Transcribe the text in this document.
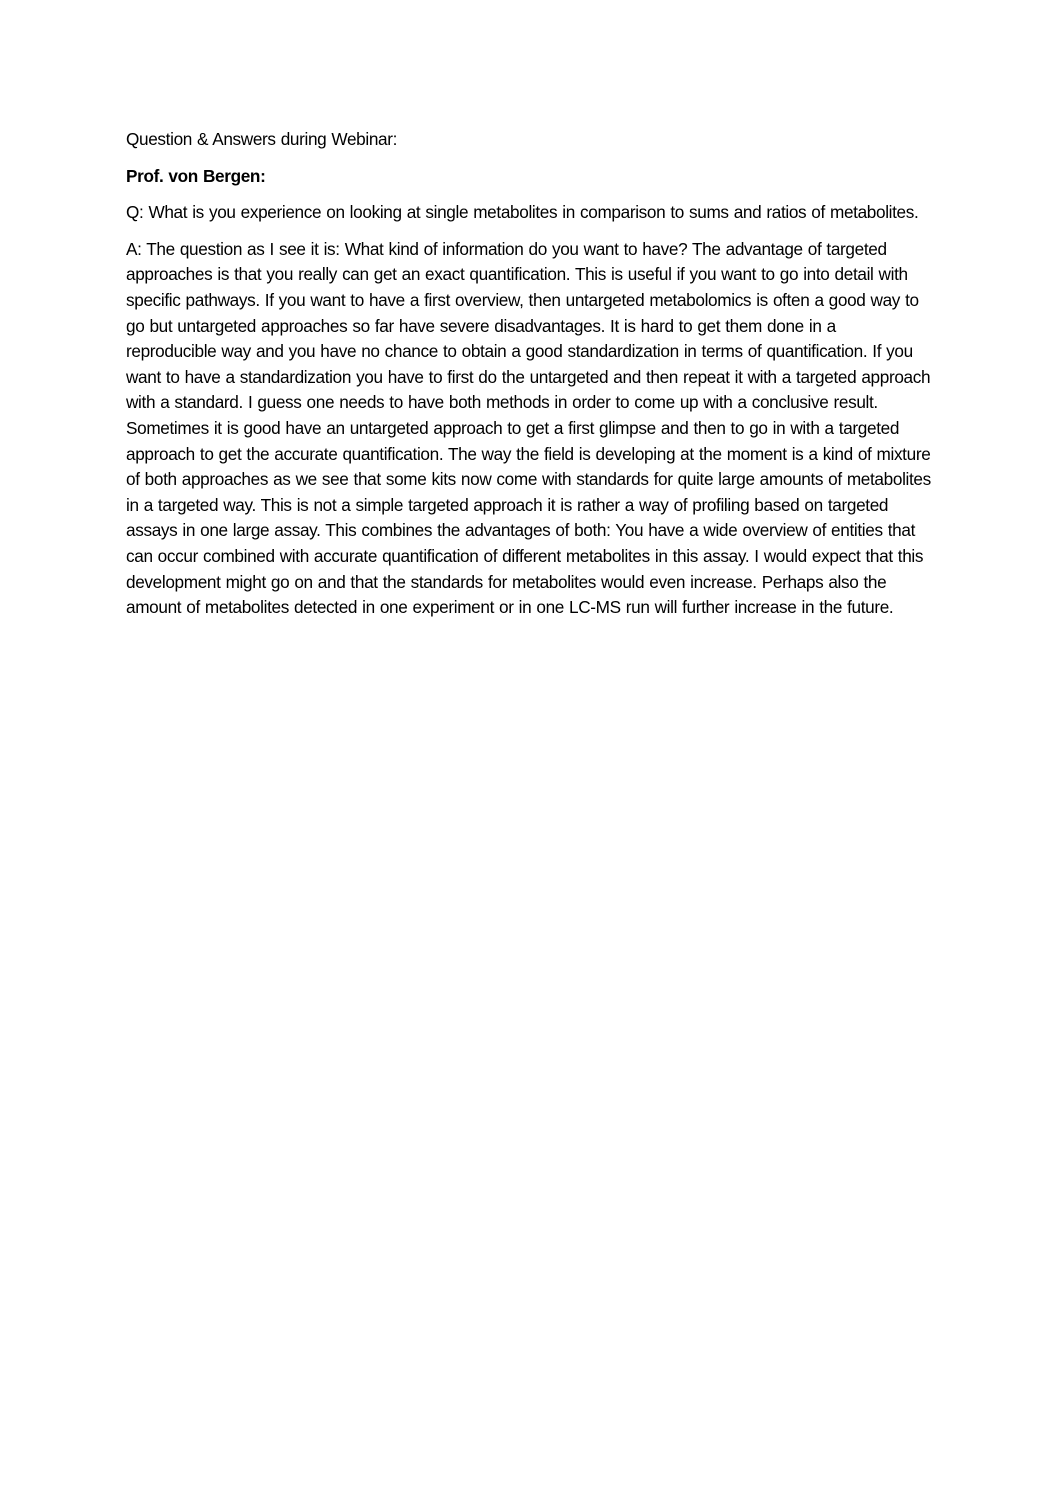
Question & Answers during Webinar:

Prof. von Bergen:

Q: What is you experience on looking at single metabolites in comparison to sums and ratios of metabolites.

A: The question as I see it is: What kind of information do you want to have? The advantage of targeted approaches is that you really can get an exact quantification. This is useful if you want to go into detail with specific pathways. If you want to have a first overview, then untargeted metabolomics is often a good way to go but untargeted approaches so far have severe disadvantages. It is hard to get them done in a reproducible way and you have no chance to obtain a good standardization in terms of quantification. If you want to have a standardization you have to first do the untargeted and then repeat it with a targeted approach with a standard. I guess one needs to have both methods in order to come up with a conclusive result. Sometimes it is good have an untargeted approach to get a first glimpse and then to go in with a targeted approach to get the accurate quantification. The way the field is developing at the moment is a kind of mixture of both approaches as we see that some kits now come with standards for quite large amounts of metabolites in a targeted way. This is not a simple targeted approach it is rather a way of profiling based on targeted assays in one large assay. This combines the advantages of both: You have a wide overview of entities that can occur combined with accurate quantification of different metabolites in this assay. I would expect that this development might go on and that the standards for metabolites would even increase. Perhaps also the amount of metabolites detected in one experiment or in one LC-MS run will further increase in the future.
